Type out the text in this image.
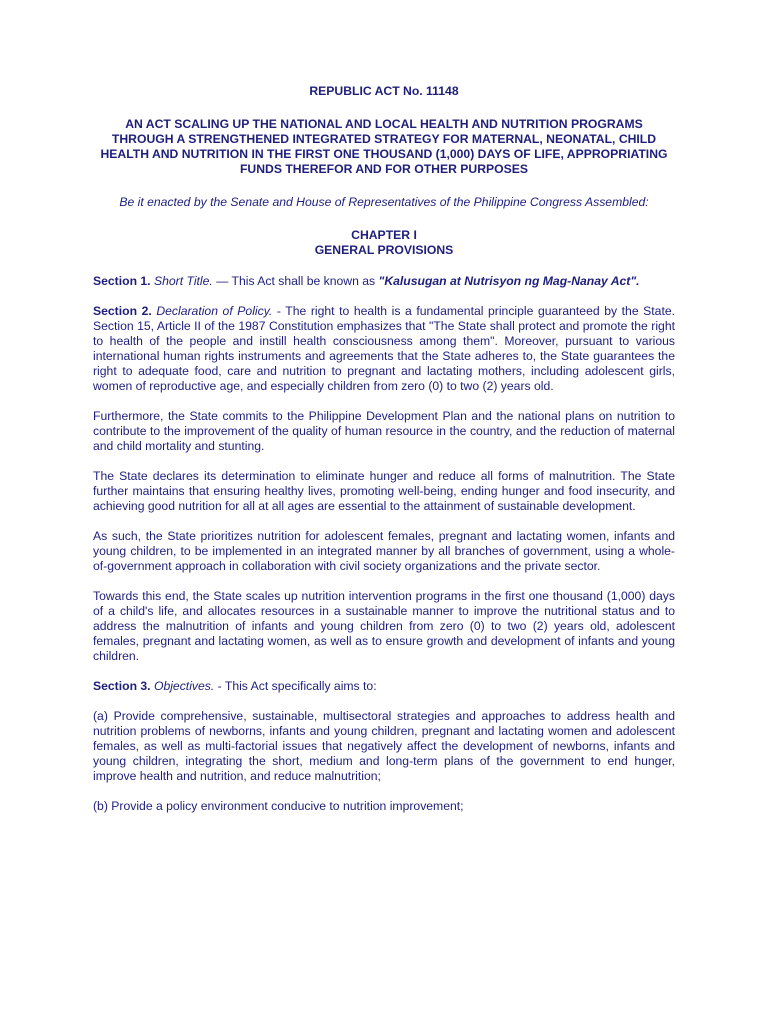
REPUBLIC ACT No. 11148
AN ACT SCALING UP THE NATIONAL AND LOCAL HEALTH AND NUTRITION PROGRAMS THROUGH A STRENGTHENED INTEGRATED STRATEGY FOR MATERNAL, NEONATAL, CHILD HEALTH AND NUTRITION IN THE FIRST ONE THOUSAND (1,000) DAYS OF LIFE, APPROPRIATING FUNDS THEREFOR AND FOR OTHER PURPOSES
Be it enacted by the Senate and House of Representatives of the Philippine Congress Assembled:
CHAPTER I
GENERAL PROVISIONS

Section 1. Short Title. — This Act shall be known as "Kalusugan at Nutrisyon ng Mag-Nanay Act".

Section 2. Declaration of Policy. - The right to health is a fundamental principle guaranteed by the State. Section 15, Article II of the 1987 Constitution emphasizes that "The State shall protect and promote the right to health of the people and instill health consciousness among them". Moreover, pursuant to various international human rights instruments and agreements that the State adheres to, the State guarantees the right to adequate food, care and nutrition to pregnant and lactating mothers, including adolescent girls, women of reproductive age, and especially children from zero (0) to two (2) years old.

Furthermore, the State commits to the Philippine Development Plan and the national plans on nutrition to contribute to the improvement of the quality of human resource in the country, and the reduction of maternal and child mortality and stunting.

The State declares its determination to eliminate hunger and reduce all forms of malnutrition. The State further maintains that ensuring healthy lives, promoting well-being, ending hunger and food insecurity, and achieving good nutrition for all at all ages are essential to the attainment of sustainable development.

As such, the State prioritizes nutrition for adolescent females, pregnant and lactating women, infants and young children, to be implemented in an integrated manner by all branches of government, using a whole-of-government approach in collaboration with civil society organizations and the private sector.

Towards this end, the State scales up nutrition intervention programs in the first one thousand (1,000) days of a child's life, and allocates resources in a sustainable manner to improve the nutritional status and to address the malnutrition of infants and young children from zero (0) to two (2) years old, adolescent females, pregnant and lactating women, as well as to ensure growth and development of infants and young children.

Section 3. Objectives. - This Act specifically aims to:

(a) Provide comprehensive, sustainable, multisectoral strategies and approaches to address health and nutrition problems of newborns, infants and young children, pregnant and lactating women and adolescent females, as well as multi-factorial issues that negatively affect the development of newborns, infants and young children, integrating the short, medium and long-term plans of the government to end hunger, improve health and nutrition, and reduce malnutrition;

(b) Provide a policy environment conducive to nutrition improvement;
